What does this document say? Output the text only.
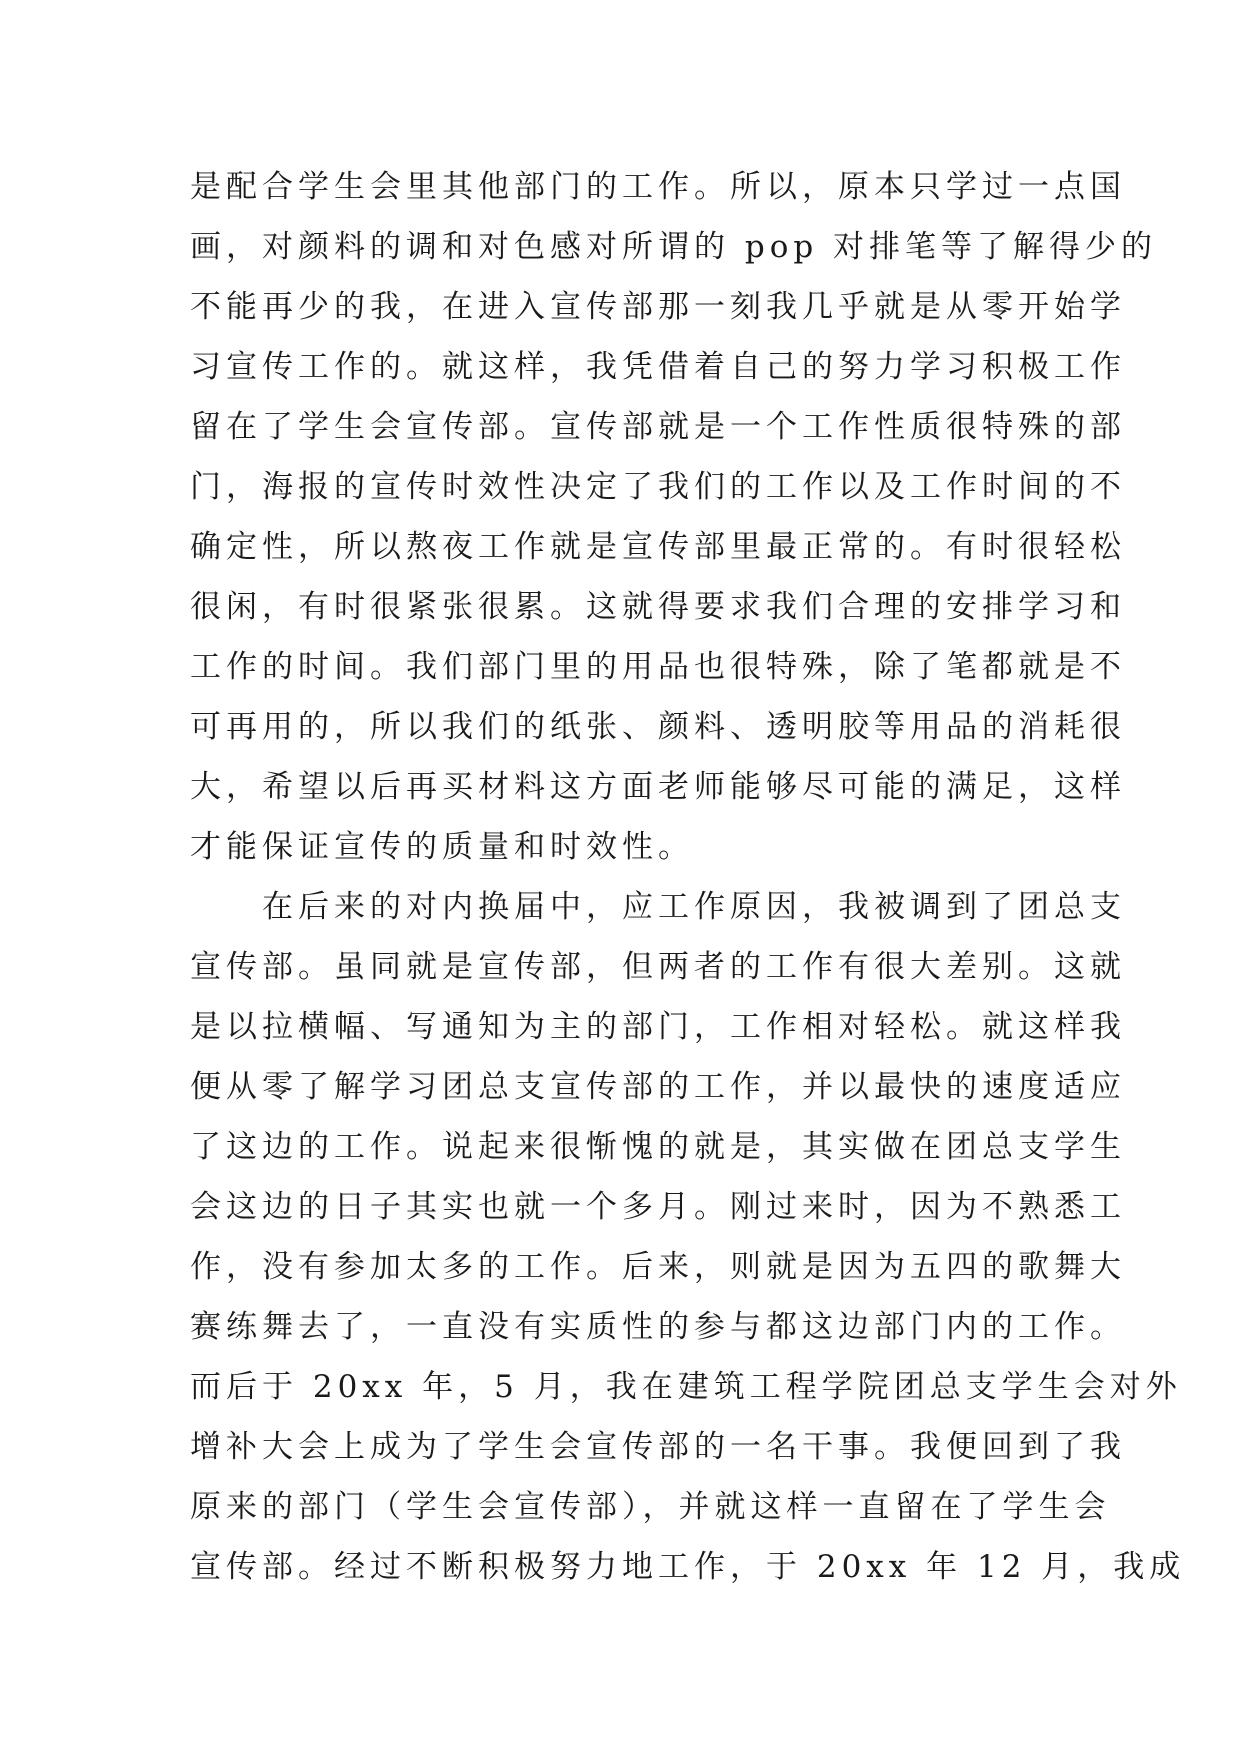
是配合学生会里其他部门的工作。所以，原本只学过一点国
画，对颜料的调和对色感对所谓的 pop 对排笔等了解得少的
不能再少的我，在进入宣传部那一刻我几乎就是从零开始学
习宣传工作的。就这样，我凭借着自己的努力学习积极工作
留在了学生会宣传部。宣传部就是一个工作性质很特殊的部
门，海报的宣传时效性决定了我们的工作以及工作时间的不
确定性，所以熬夜工作就是宣传部里最正常的。有时很轻松
很闲，有时很紧张很累。这就得要求我们合理的安排学习和
工作的时间。我们部门里的用品也很特殊，除了笔都就是不
可再用的，所以我们的纸张、颜料、透明胶等用品的消耗很
大，希望以后再买材料这方面老师能够尽可能的满足，这样
才能保证宣传的质量和时效性。
　　在后来的对内换届中，应工作原因，我被调到了团总支
宣传部。虽同就是宣传部，但两者的工作有很大差别。这就
是以拉横幅、写通知为主的部门，工作相对轻松。就这样我
便从零了解学习团总支宣传部的工作，并以最快的速度适应
了这边的工作。说起来很惭愧的就是，其实做在团总支学生
会这边的日子其实也就一个多月。刚过来时，因为不熟悉工
作，没有参加太多的工作。后来，则就是因为五四的歌舞大
赛练舞去了，一直没有实质性的参与都这边部门内的工作。
而后于 20xx 年，5 月，我在建筑工程学院团总支学生会对外
增补大会上成为了学生会宣传部的一名干事。我便回到了我
原来的部门（学生会宣传部），并就这样一直留在了学生会
宣传部。经过不断积极努力地工作，于 20xx 年 12 月，我成
